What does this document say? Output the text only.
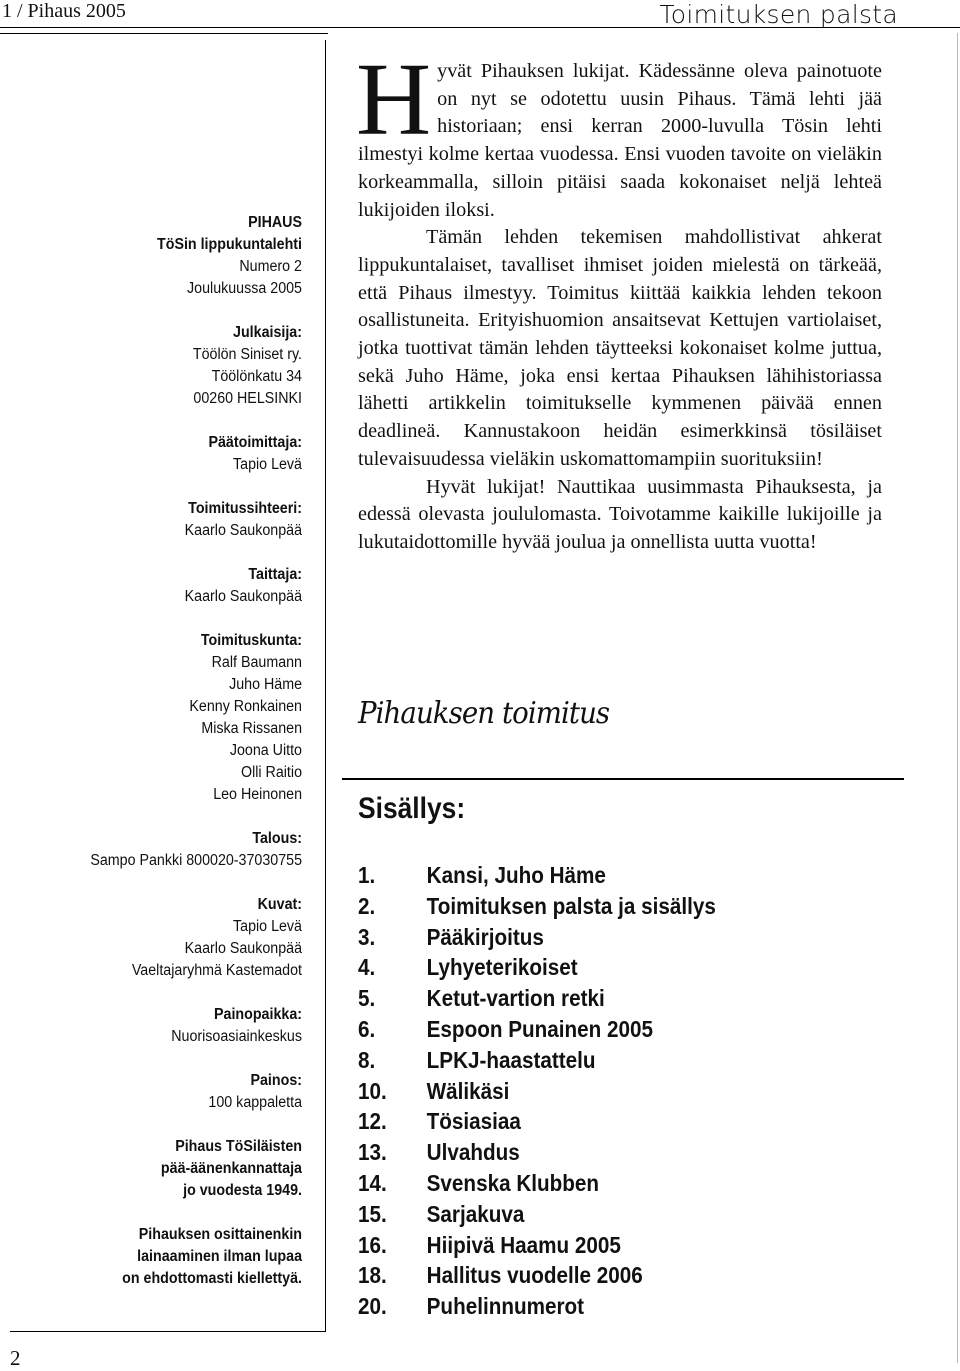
1 / Pihaus 2005	Toimituksen palsta
PIHAUS
TöSin lippukuntalehti
Numero 2
Joulukuussa 2005
Julkaisija:
Töölön Siniset ry.
Töölönkatu 34
00260 HELSINKI
Päätoimittaja:
Tapio Levä
Toimitussihteeri:
Kaarlo Saukonpää
Taittaja:
Kaarlo Saukonpää
Toimituskunta:
Ralf Baumann
Juho Häme
Kenny Ronkainen
Miska Rissanen
Joona Uitto
Olli Raitio
Leo Heinonen
Talous:
Sampo Pankki 800020-37030755
Kuvat:
Tapio Levä
Kaarlo Saukonpää
Vaeltajaryhmä Kastemadot
Painopaikka:
Nuorisoasiainkeskus
Painos:
100 kappaletta
Pihaus TöSiläisten
pää-äänenkannattaja
jo vuodesta 1949.
Pihauksen osittainenkin
lainaaminen ilman lupaa
on ehdottomasti kiellettyä.
H yvät Pihauksen lukijat. Kädessänne oleva painotuote on nyt se odotettu uusin Pihaus. Tämä lehti jää historiaan; ensi kerran 2000-luvulla Tösin lehti ilmestyi kolme kertaa vuodessa. Ensi vuoden tavoite on vieläkin korkeammalla, silloin pitäisi saada kokonaiset neljä lehteä lukijoiden iloksi.

Tämän lehden tekemisen mahdollistivat ahkerat lippukuntalaiset, tavalliset ihmiset joiden mielestä on tärkeää, että Pihaus ilmestyy. Toimitus kiittää kaikkia lehden tekoon osallistuneita. Erityishuomion ansaitsevat Kettujen vartiolaiset, jotka tuottivat tämän lehden täytteeksi kokonaiset kolme juttua, sekä Juho Häme, joka ensi kertaa Pihauksen lähihistoriassa lähetti artikkelin toimitukselle kymmenen päivää ennen deadlineä. Kannustakoon heidän esimerkkinsä tösiläiset tulevaisuudessa vieläkin uskomattomampiin suorituksiin!

Hyvät lukijat! Nauttikaa uusimmasta Pihauksesta, ja edessä olevasta joululomasta. Toivotamme kaikille lukijoille ja lukutaidottomille hyvää joulua ja onnellista uutta vuotta!

Pihauksen toimitus
Sisällys:
1. Kansi, Juho Häme
2. Toimituksen palsta ja sisällys
3. Pääkirjoitus
4. Lyhyeterikoiset
5. Ketut-vartion retki
6. Espoon Punainen 2005
8. LPKJ-haastattelu
10. Wälikäsi
12. Tösiasiaa
13. Ulvahdus
14. Svenska Klubben
15. Sarjakuva
16. Hiipivä Haamu 2005
18. Hallitus vuodelle 2006
20. Puhelinnumerot
2
